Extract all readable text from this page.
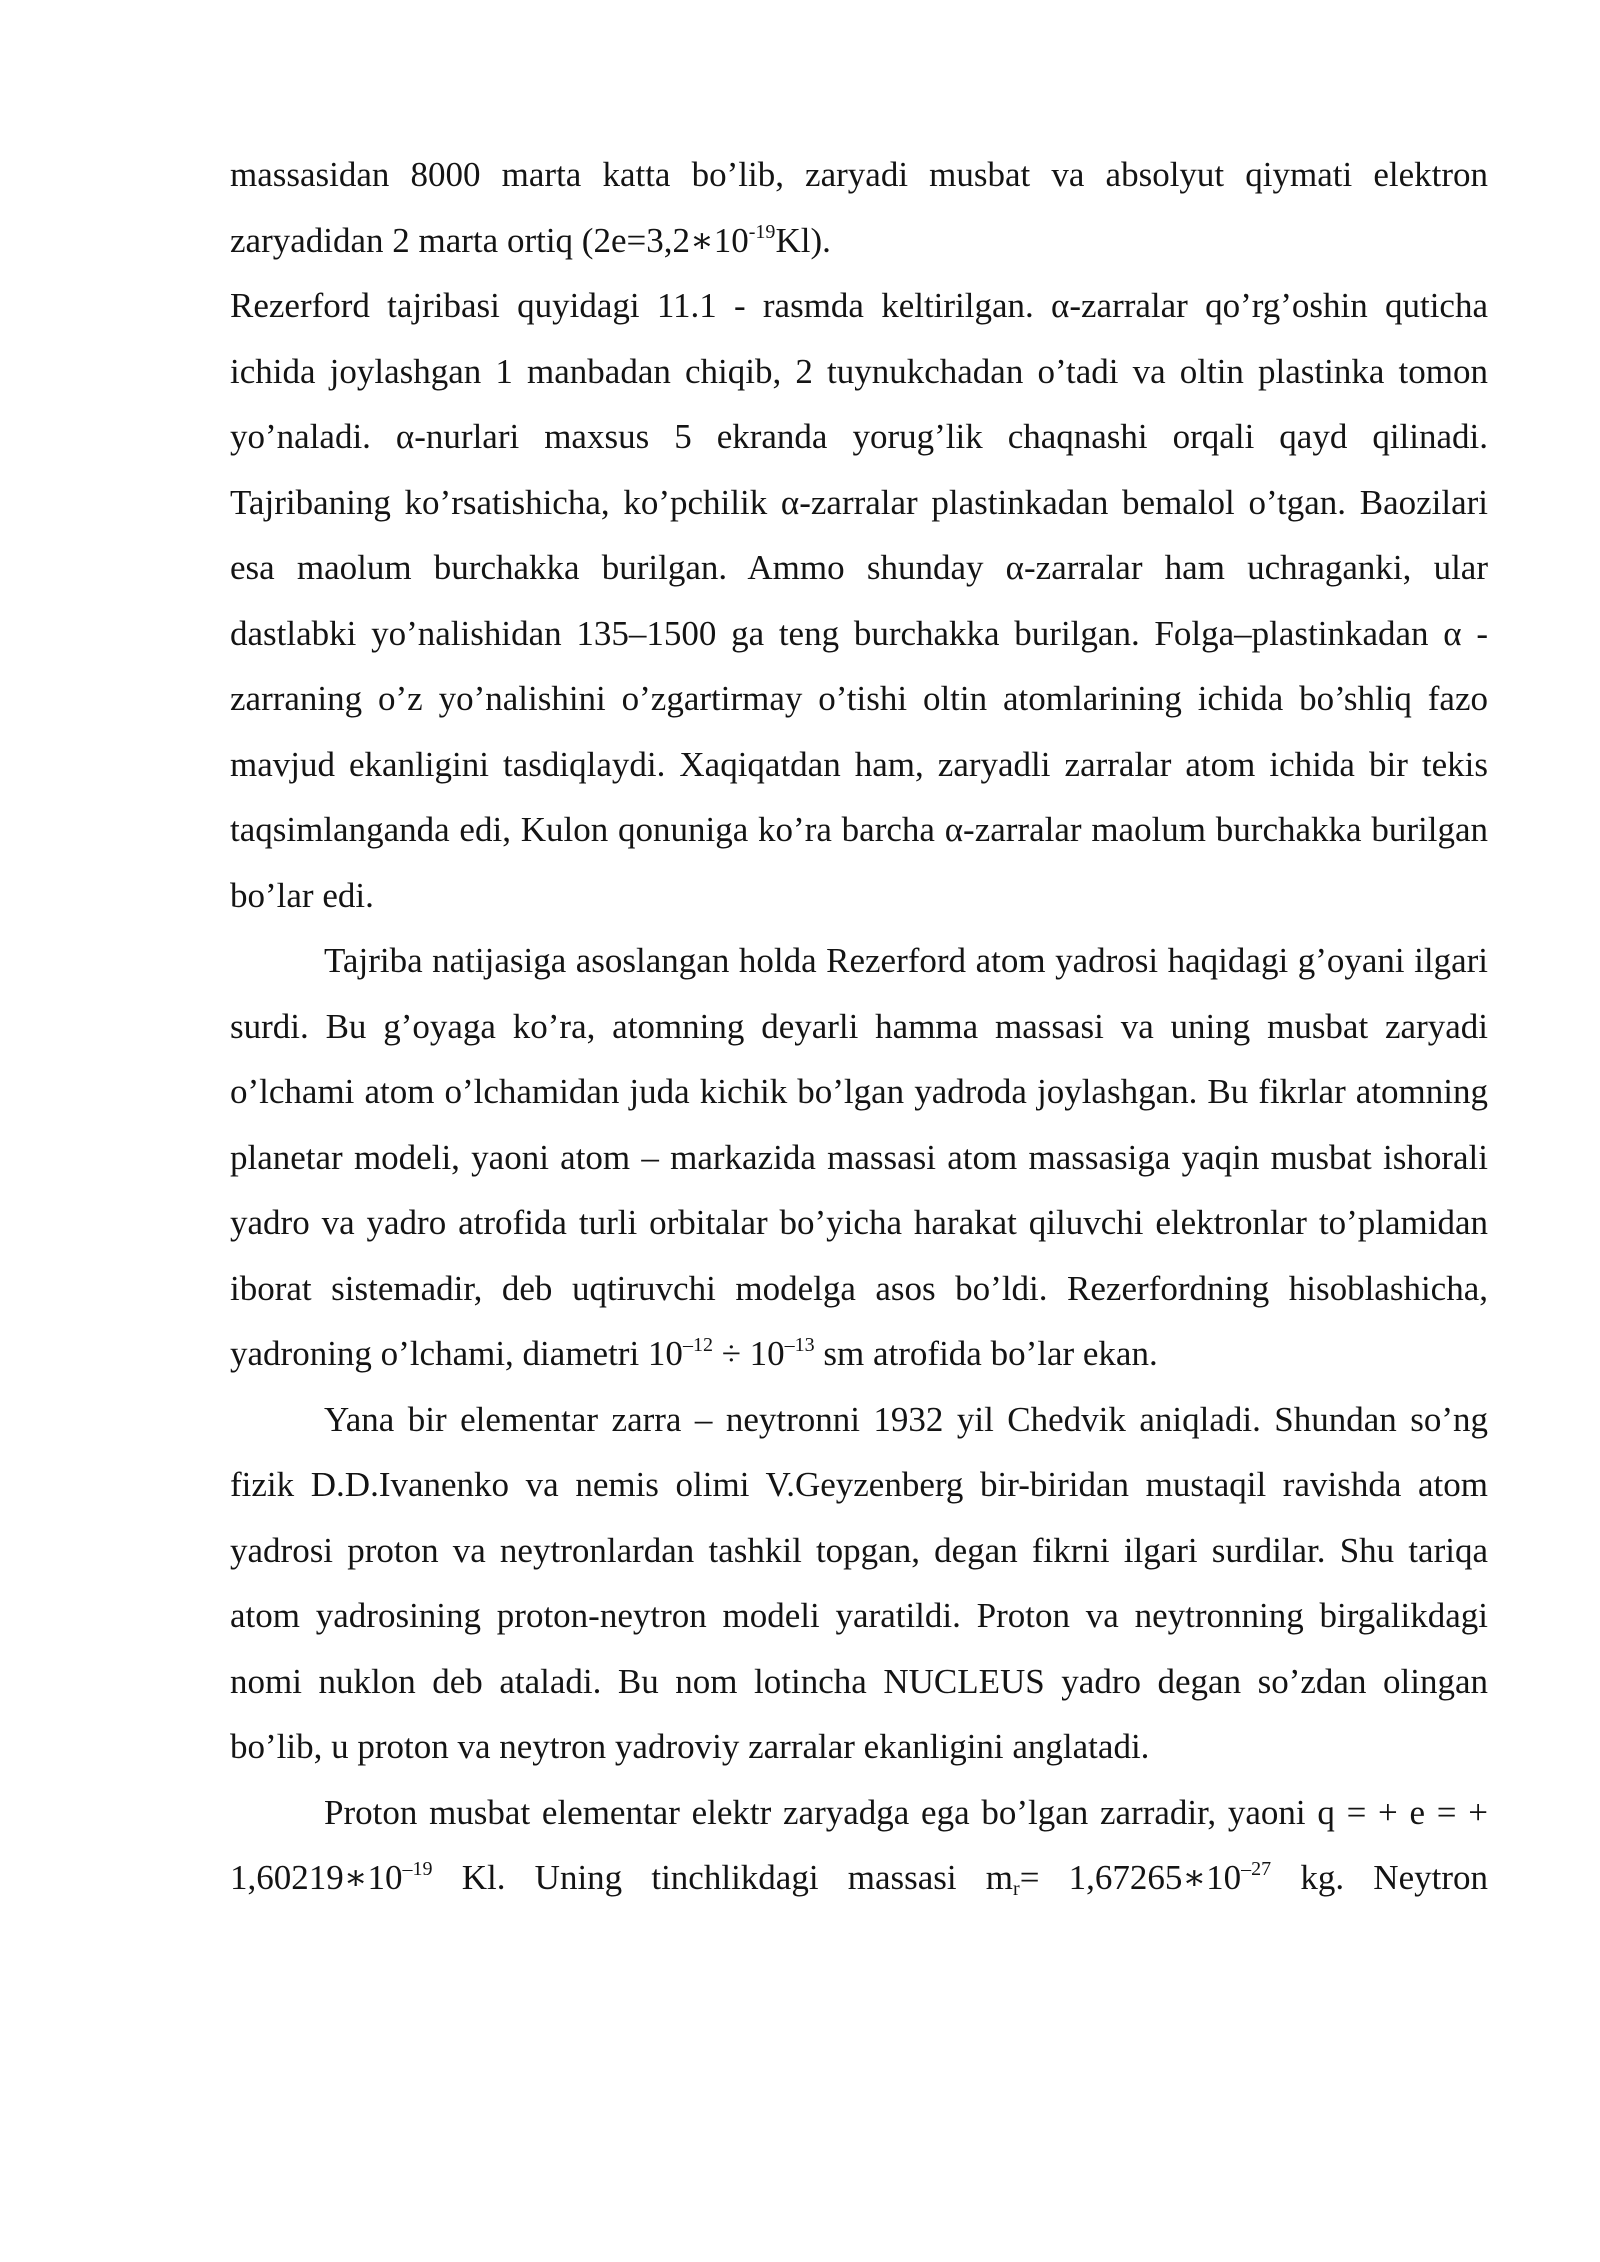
massasidan 8000 marta katta bo’lib, zaryadi musbat va absolyut qiymati elektron zaryadidan 2 marta ortiq $(2e=3,2∗10^{-19}Kl)$.

Rezerford tajribasi quyidagi 11.1 - rasmda keltirilgan. α-zarralar qo’rg’oshin quticha ichida joylashgan 1 manbadan chiqib, 2 tuynukchadan o’tadi va oltin plastinka tomon yo’naladi. α-nurlari maxsus 5 ekranda yorug’lik chaqnashi orqali qayd qilinadi. Tajribaning ko’rsatishicha, ko’pchilik α-zarralar plastinkadan bemalol o’tgan. Baozilari esa maolum burchakka burilgan. Ammo shunday α-zarralar ham uchraganki, ular dastlabki yo’nalishidan 135–1500 ga teng burchakka burilgan. Folga–plastinkadan α - zarraning o’z yo’nalishini o’zgartirmay o’tishi oltin atomlarining ichida bo’shliq fazo mavjud ekanligini tasdiqlaydi. Xaqiqatdan ham, zaryadli zarralar atom ichida bir tekis taqsimlanganda edi, Kulon qonuniga ko’ra barcha α-zarralar maolum burchakka burilgan bo’lar edi.

Tajriba natijasiga asoslangan holda Rezerford atom yadrosi haqidagi g’oyani ilgari surdi. Bu g’oyaga ko’ra, atomning deyarli hamma massasi va uning musbat zaryadi o’lchami atom o’lchamidan juda kichik bo’lgan yadroda joylashgan. Bu fikrlar atomning planetar modeli, yaoni atom – markazida massasi atom massasiga yaqin musbat ishorali yadro va yadro atrofida turli orbitalar bo’yicha harakat qiluvchi elektronlar to’plamidan iborat sistemadir, deb uqtiruvchi modelga asos bo’ldi. Rezerfordning hisoblashicha, yadroning o’lchami, diametri $10^{-12} \div 10^{-13}$ sm atrofida bo’lar ekan.

Yana bir elementar zarra – neytronni 1932 yil Chedvik aniqladi. Shundan so’ng fizik D.D.Ivanenko va nemis olimi V.Geyzenberg bir-biridan mustaqil ravishda atom yadrosi proton va neytronlardan tashkil topgan, degan fikrni ilgari surdilar. Shu tariqa atom yadrosining proton-neytron modeli yaratildi. Proton va neytronning birgalikdagi nomi nuklon deb ataladi. Bu nom lotincha NUCLEUS yadro degan so’zdan olingan bo’lib, u proton va neytron yadroviy zarralar ekanligini anglatadi.

Proton musbat elementar elektr zaryadga ega bo’lgan zarradir, yaoni q = + e = + $1,60219∗10^{-19}$ Kl. Uning tinchlikdagi massasi $m_r=$ $1,67265∗10^{-27}$ kg. Neytron
